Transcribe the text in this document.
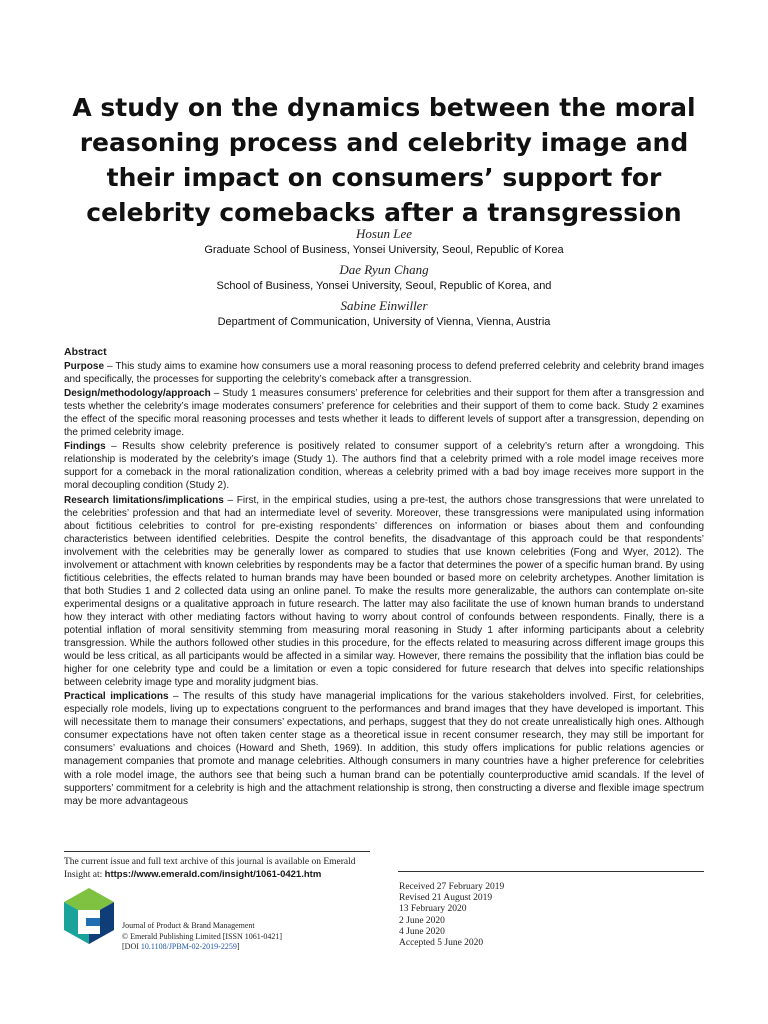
A study on the dynamics between the moral reasoning process and celebrity image and their impact on consumers’ support for celebrity comebacks after a transgression

Hosun Lee

Graduate School of Business, Yonsei University, Seoul, Republic of Korea

Dae Ryun Chang

School of Business, Yonsei University, Seoul, Republic of Korea, and

Sabine Einwiller

Department of Communication, University of Vienna, Vienna, Austria

Abstract

Purpose – This study aims to examine how consumers use a moral reasoning process to defend preferred celebrity and celebrity brand images and specifically, the processes for supporting the celebrity’s comeback after a transgression.

Design/methodology/approach – Study 1 measures consumers’ preference for celebrities and their support for them after a transgression and tests whether the celebrity’s image moderates consumers’ preference for celebrities and their support of them to come back. Study 2 examines the effect of the specific moral reasoning processes and tests whether it leads to different levels of support after a transgression, depending on the primed celebrity image.

Findings – Results show celebrity preference is positively related to consumer support of a celebrity’s return after a wrongdoing. This relationship is moderated by the celebrity’s image (Study 1). The authors find that a celebrity primed with a role model image receives more support for a comeback in the moral rationalization condition, whereas a celebrity primed with a bad boy image receives more support in the moral decoupling condition (Study 2).

Research limitations/implications – First, in the empirical studies, using a pre-test, the authors chose transgressions that were unrelated to the celebrities’ profession and that had an intermediate level of severity. Moreover, these transgressions were manipulated using information about fictitious celebrities to control for pre-existing respondents’ differences on information or biases about them and confounding characteristics between identified celebrities. Despite the control benefits, the disadvantage of this approach could be that respondents’ involvement with the celebrities may be generally lower as compared to studies that use known celebrities (Fong and Wyer, 2012). The involvement or attachment with known celebrities by respondents may be a factor that determines the power of a specific human brand. By using fictitious celebrities, the effects related to human brands may have been bounded or based more on celebrity archetypes. Another limitation is that both Studies 1 and 2 collected data using an online panel. To make the results more generalizable, the authors can contemplate on-site experimental designs or a qualitative approach in future research. The latter may also facilitate the use of known human brands to understand how they interact with other mediating factors without having to worry about control of confounds between respondents. Finally, there is a potential inflation of moral sensitivity stemming from measuring moral reasoning in Study 1 after informing participants about a celebrity transgression. While the authors followed other studies in this procedure, for the effects related to measuring across different image groups this would be less critical, as all participants would be affected in a similar way. However, there remains the possibility that the inflation bias could be higher for one celebrity type and could be a limitation or even a topic considered for future research that delves into specific relationships between celebrity image type and morality judgment bias.

Practical implications – The results of this study have managerial implications for the various stakeholders involved. First, for celebrities, especially role models, living up to expectations congruent to the performances and brand images that they have developed is important. This will necessitate them to manage their consumers’ expectations, and perhaps, suggest that they do not create unrealistically high ones. Although consumer expectations have not often taken center stage as a theoretical issue in recent consumer research, they may still be important for consumers’ evaluations and choices (Howard and Sheth, 1969). In addition, this study offers implications for public relations agencies or management companies that promote and manage celebrities. Although consumers in many countries have a higher preference for celebrities with a role model image, the authors see that being such a human brand can be potentially counterproductive amid scandals. If the level of supporters’ commitment for a celebrity is high and the attachment relationship is strong, then constructing a diverse and flexible image spectrum may be more advantageous

The current issue and full text archive of this journal is available on Emerald Insight at: https://www.emerald.com/insight/1061-0421.htm
Journal of Product & Brand Management
© Emerald Publishing Limited [ISSN 1061-0421]
[DOI 10.1108/JPBM-02-2019-2259]
Received 27 February 2019
Revised 21 August 2019
13 February 2020
2 June 2020
4 June 2020
Accepted 5 June 2020
